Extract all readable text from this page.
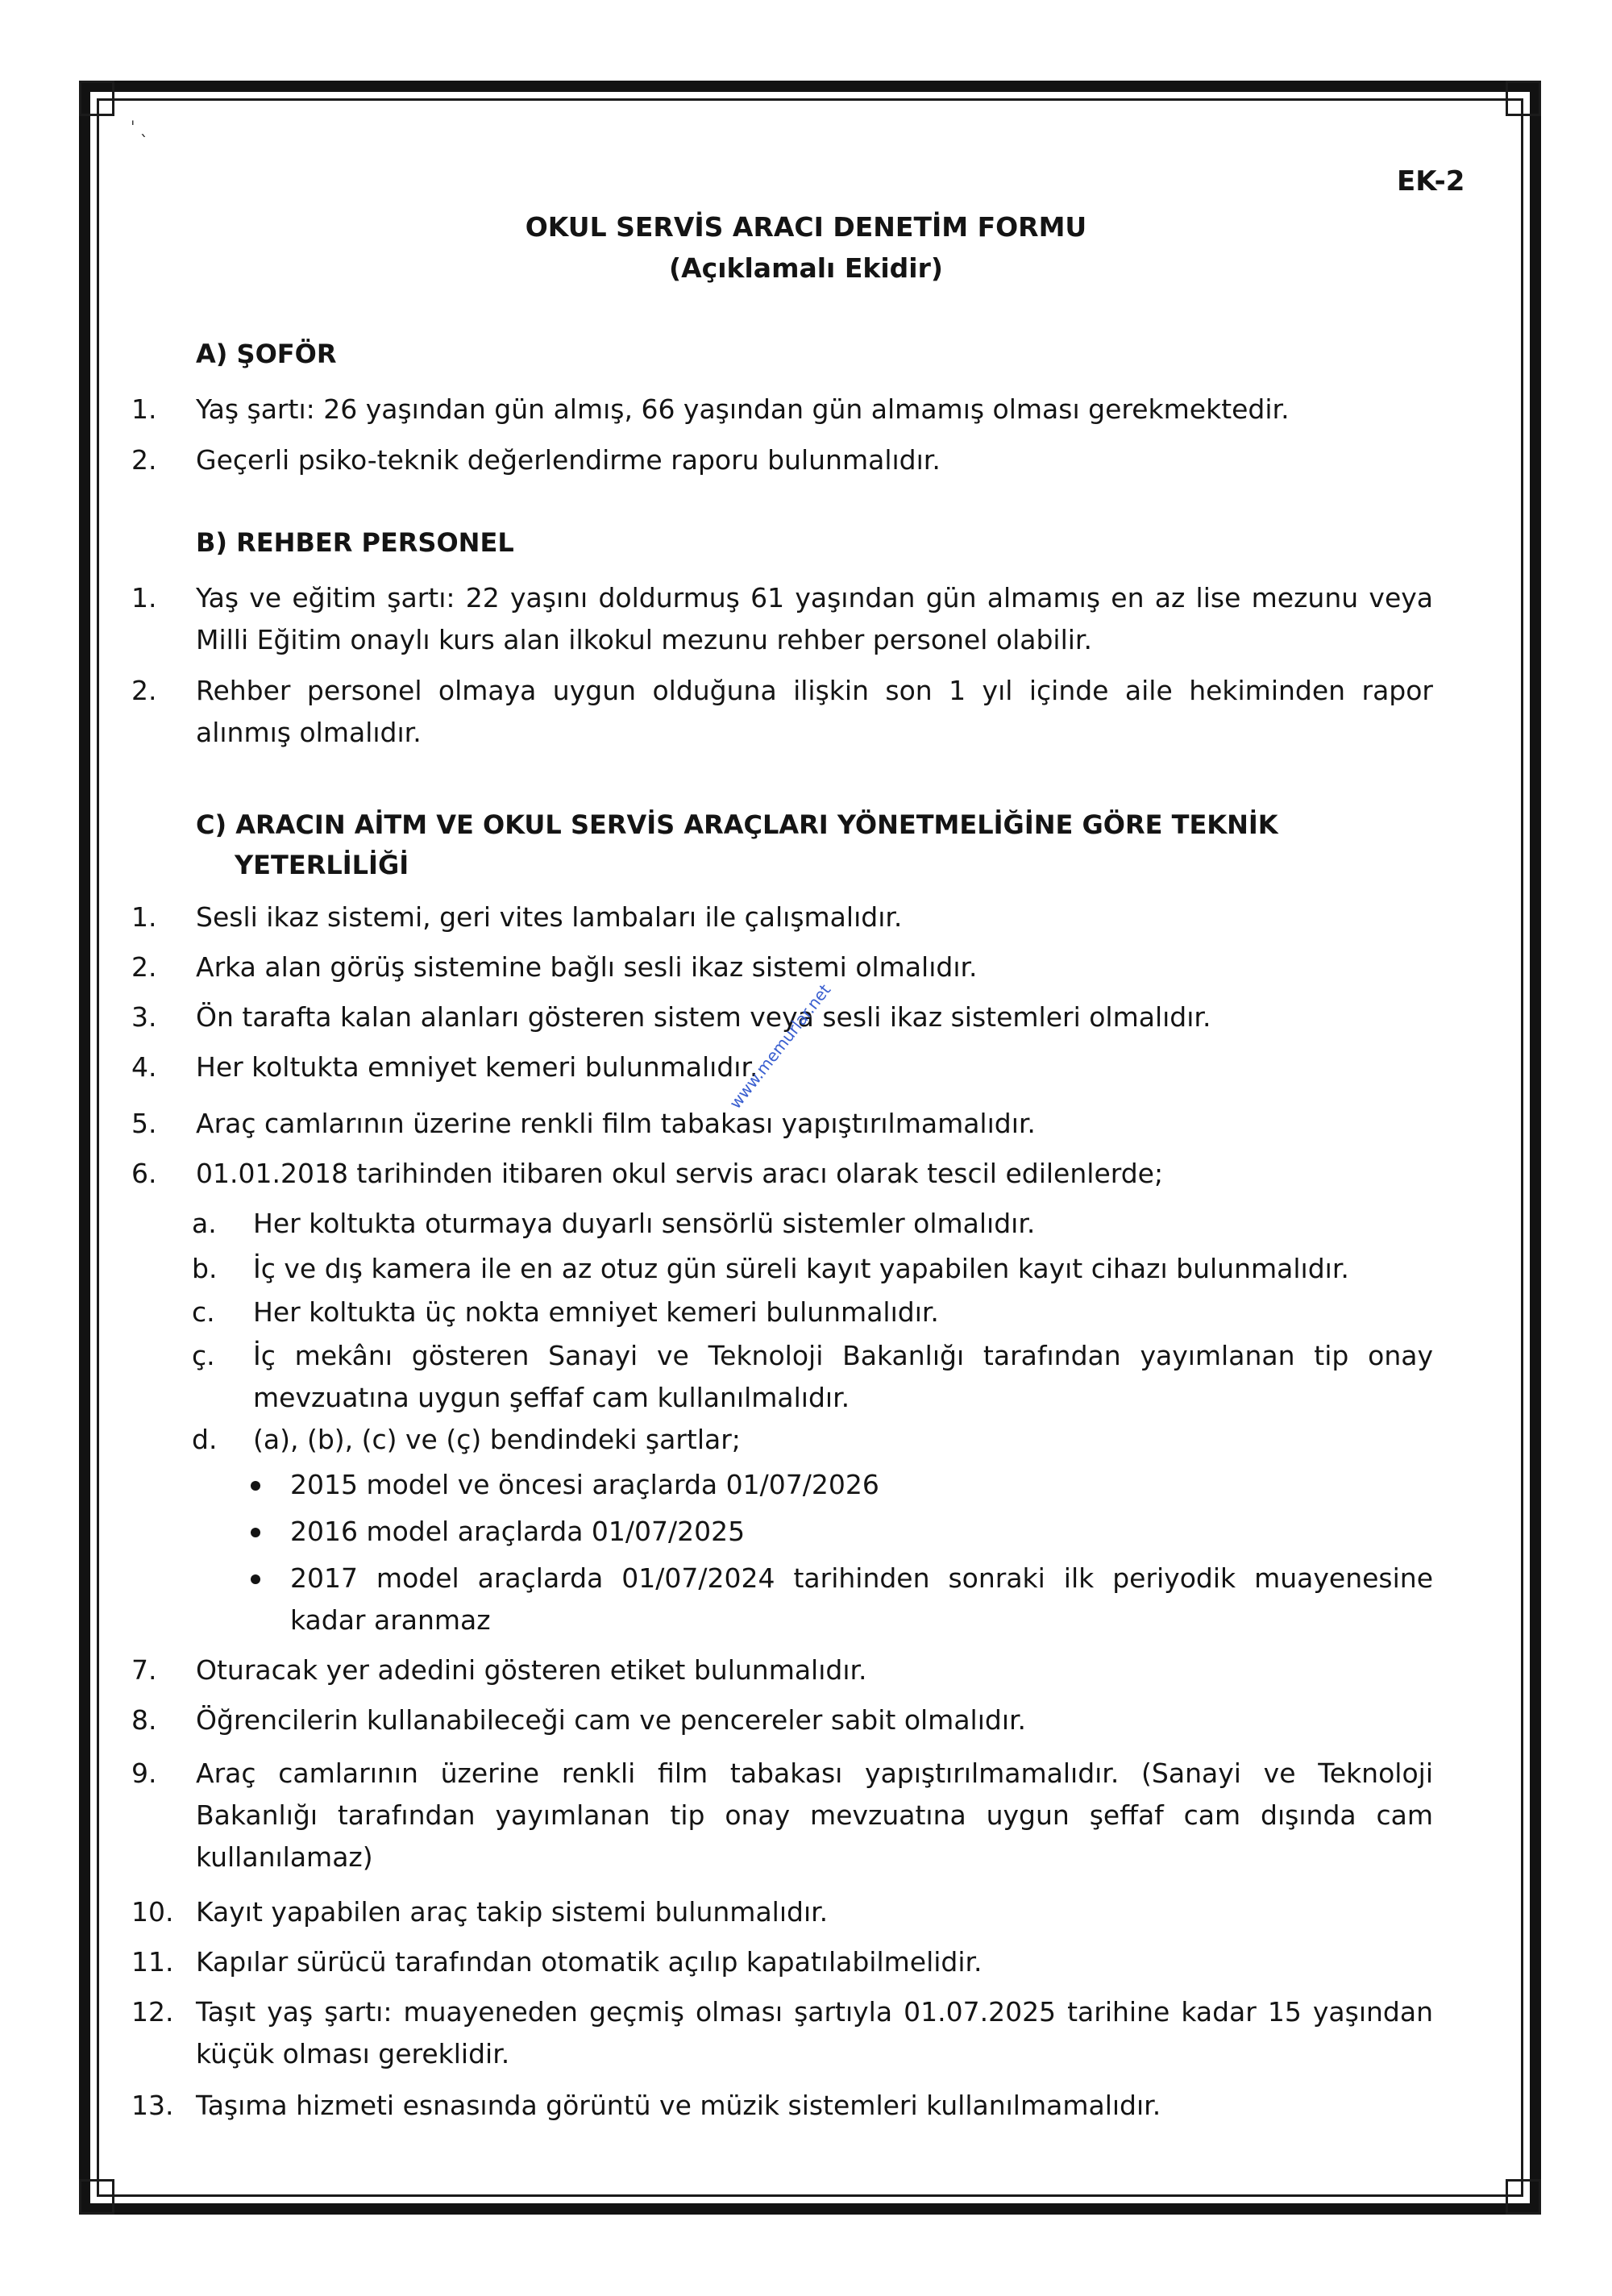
ˈ ˎ
EK-2
OKUL SERVİS ARACI DENETİM FORMU
(Açıklamalı Ekidir)
A) ŞOFÖR
1.	Yaş şartı: 26 yaşından gün almış, 66 yaşından gün almamış olması gerekmektedir.
2.	Geçerli psiko-teknik değerlendirme raporu bulunmalıdır.
B) REHBER PERSONEL
1.	Yaş ve eğitim şartı: 22 yaşını doldurmuş 61 yaşından gün almamış en az lise mezunu veya Milli Eğitim onaylı kurs alan ilkokul mezunu rehber personel olabilir.
2.	Rehber personel olmaya uygun olduğuna ilişkin son 1 yıl içinde aile hekiminden rapor alınmış olmalıdır.
C) ARACIN AİTM VE OKUL SERVİS ARAÇLARI YÖNETMELİĞİNE GÖRE TEKNİK
YETERLİLİĞİ
1.	Sesli ikaz sistemi, geri vites lambaları ile çalışmalıdır.
2.	Arka alan görüş sistemine bağlı sesli ikaz sistemi olmalıdır.
3.	Ön tarafta kalan alanları gösteren sistem veya sesli ikaz sistemleri olmalıdır.
4.	Her koltukta emniyet kemeri bulunmalıdır.
5.	Araç camlarının üzerine renkli film tabakası yapıştırılmamalıdır.
6.	01.01.2018 tarihinden itibaren okul servis aracı olarak tescil edilenlerde;
a. Her koltukta oturmaya duyarlı sensörlü sistemler olmalıdır.
b. İç ve dış kamera ile en az otuz gün süreli kayıt yapabilen kayıt cihazı bulunmalıdır.
c. Her koltukta üç nokta emniyet kemeri bulunmalıdır.
ç. İç mekânı gösteren Sanayi ve Teknoloji Bakanlığı tarafından yayımlanan tip onay mevzuatına uygun şeffaf cam kullanılmalıdır.
d. (a), (b), (c) ve (ç) bendindeki şartlar;
2015 model ve öncesi araçlarda 01/07/2026
2016 model araçlarda 01/07/2025
2017 model araçlarda 01/07/2024 tarihinden sonraki ilk periyodik muayenesine kadar aranmaz
7.	Oturacak yer adedini gösteren etiket bulunmalıdır.
8.	Öğrencilerin kullanabileceği cam ve pencereler sabit olmalıdır.
9.	Araç camlarının üzerine renkli film tabakası yapıştırılmamalıdır. (Sanayi ve Teknoloji Bakanlığı tarafından yayımlanan tip onay mevzuatına uygun şeffaf cam dışında cam kullanılamaz)
10. Kayıt yapabilen araç takip sistemi bulunmalıdır.
11. Kapılar sürücü tarafından otomatik açılıp kapatılabilmelidir.
12. Taşıt yaş şartı: muayeneden geçmiş olması şartıyla 01.07.2025 tarihine kadar 15 yaşından küçük olması gereklidir.
13. Taşıma hizmeti esnasında görüntü ve müzik sistemleri kullanılmamalıdır.
www.memurlar.net
